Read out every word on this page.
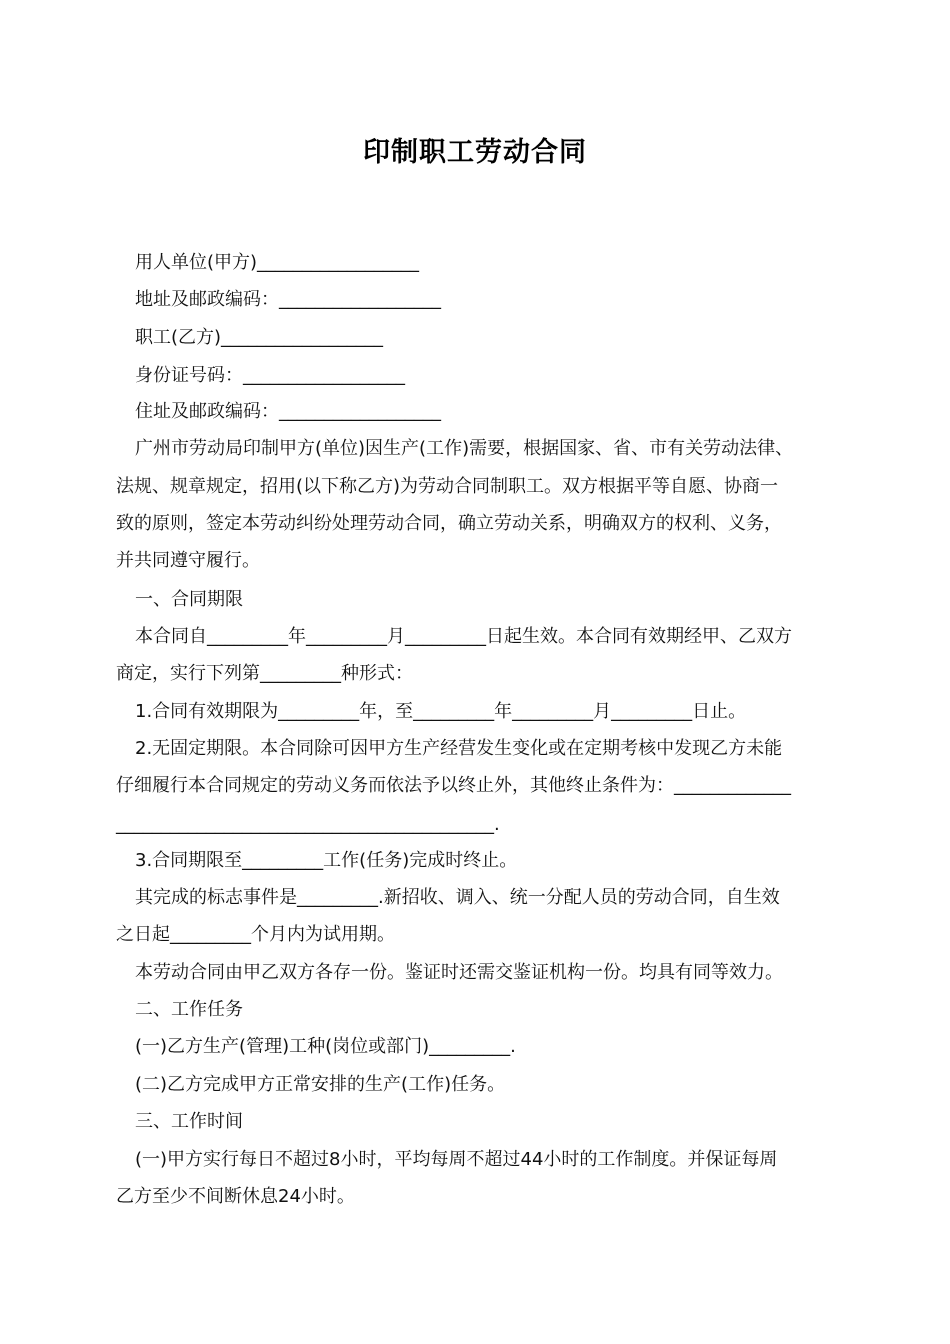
印制职工劳动合同
用人单位(甲方)__________________
地址及邮政编码：__________________
职工(乙方)__________________
身份证号码：__________________
住址及邮政编码：__________________
广州市劳动局印制甲方(单位)因生产(工作)需要，根据国家、省、市有关劳动法律、
法规、规章规定，招用(以下称乙方)为劳动合同制职工。双方根据平等自愿、协商一
致的原则，签定本劳动纠纷处理劳动合同，确立劳动关系，明确双方的权利、义务，
并共同遵守履行。
一、合同期限
本合同自_________年_________月_________日起生效。本合同有效期经甲、乙双方
商定，实行下列第_________种形式：
1.合同有效期限为_________年，至_________年_________月_________日止。
2.无固定期限。本合同除可因甲方生产经营发生变化或在定期考核中发现乙方未能
仔细履行本合同规定的劳动义务而依法予以终止外，其他终止条件为：_____________
__________________________________________.
3.合同期限至_________工作(任务)完成时终止。
其完成的标志事件是_________.新招收、调入、统一分配人员的劳动合同，自生效
之日起_________个月内为试用期。
本劳动合同由甲乙双方各存一份。鉴证时还需交鉴证机构一份。均具有同等效力。
二、工作任务
(一)乙方生产(管理)工种(岗位或部门)_________.
(二)乙方完成甲方正常安排的生产(工作)任务。
三、工作时间
(一)甲方实行每日不超过8小时，平均每周不超过44小时的工作制度。并保证每周
乙方至少不间断休息24小时。
